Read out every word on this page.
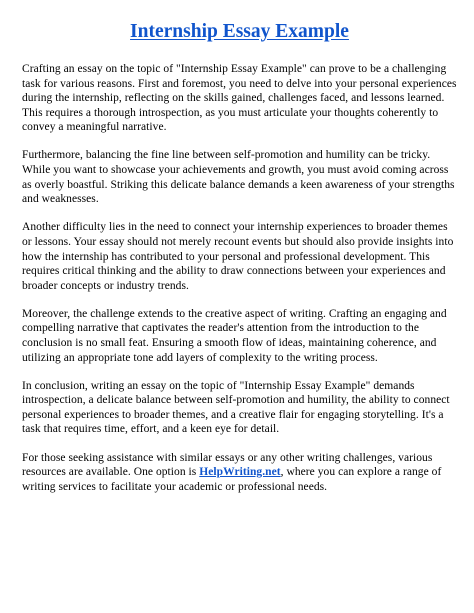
Internship Essay Example

Crafting an essay on the topic of "Internship Essay Example" can prove to be a challenging task for various reasons. First and foremost, you need to delve into your personal experiences during the internship, reflecting on the skills gained, challenges faced, and lessons learned. This requires a thorough introspection, as you must articulate your thoughts coherently to convey a meaningful narrative.

Furthermore, balancing the fine line between self-promotion and humility can be tricky. While you want to showcase your achievements and growth, you must avoid coming across as overly boastful. Striking this delicate balance demands a keen awareness of your strengths and weaknesses.

Another difficulty lies in the need to connect your internship experiences to broader themes or lessons. Your essay should not merely recount events but should also provide insights into how the internship has contributed to your personal and professional development. This requires critical thinking and the ability to draw connections between your experiences and broader concepts or industry trends.

Moreover, the challenge extends to the creative aspect of writing. Crafting an engaging and compelling narrative that captivates the reader's attention from the introduction to the conclusion is no small feat. Ensuring a smooth flow of ideas, maintaining coherence, and utilizing an appropriate tone add layers of complexity to the writing process.

In conclusion, writing an essay on the topic of "Internship Essay Example" demands introspection, a delicate balance between self-promotion and humility, the ability to connect personal experiences to broader themes, and a creative flair for engaging storytelling. It's a task that requires time, effort, and a keen eye for detail.

For those seeking assistance with similar essays or any other writing challenges, various resources are available. One option is HelpWriting.net, where you can explore a range of writing services to facilitate your academic or professional needs.
